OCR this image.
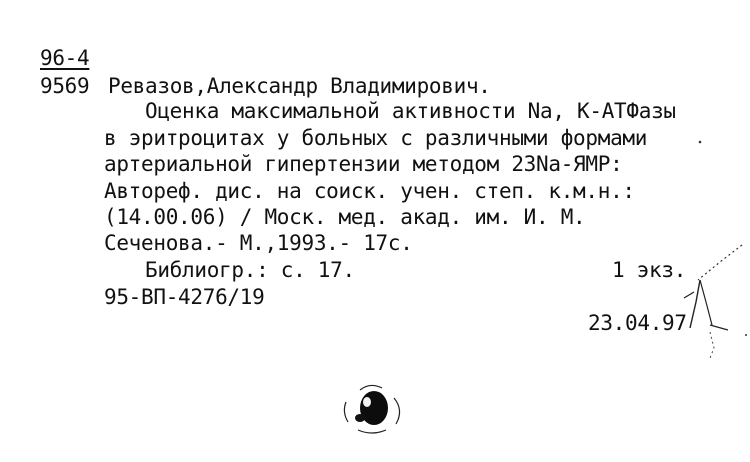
96-4
9569 Ревазов,Александр Владимирович.
Оценка максимальной активности Na, К-АТФазы
в эритроцитах у больных с различными формами
артериальной гипертензии методом 23Na-ЯМР:
Автореф. дис. на соиск. учен. степ. к.м.н.:
(14.00.06) / Моск. мед. акад. им. И. М.
Сеченова.- М.,1993.- 17с.
Библиогр.: с. 17.	1 экз.
95-ВП-4276/19
23.04.97
